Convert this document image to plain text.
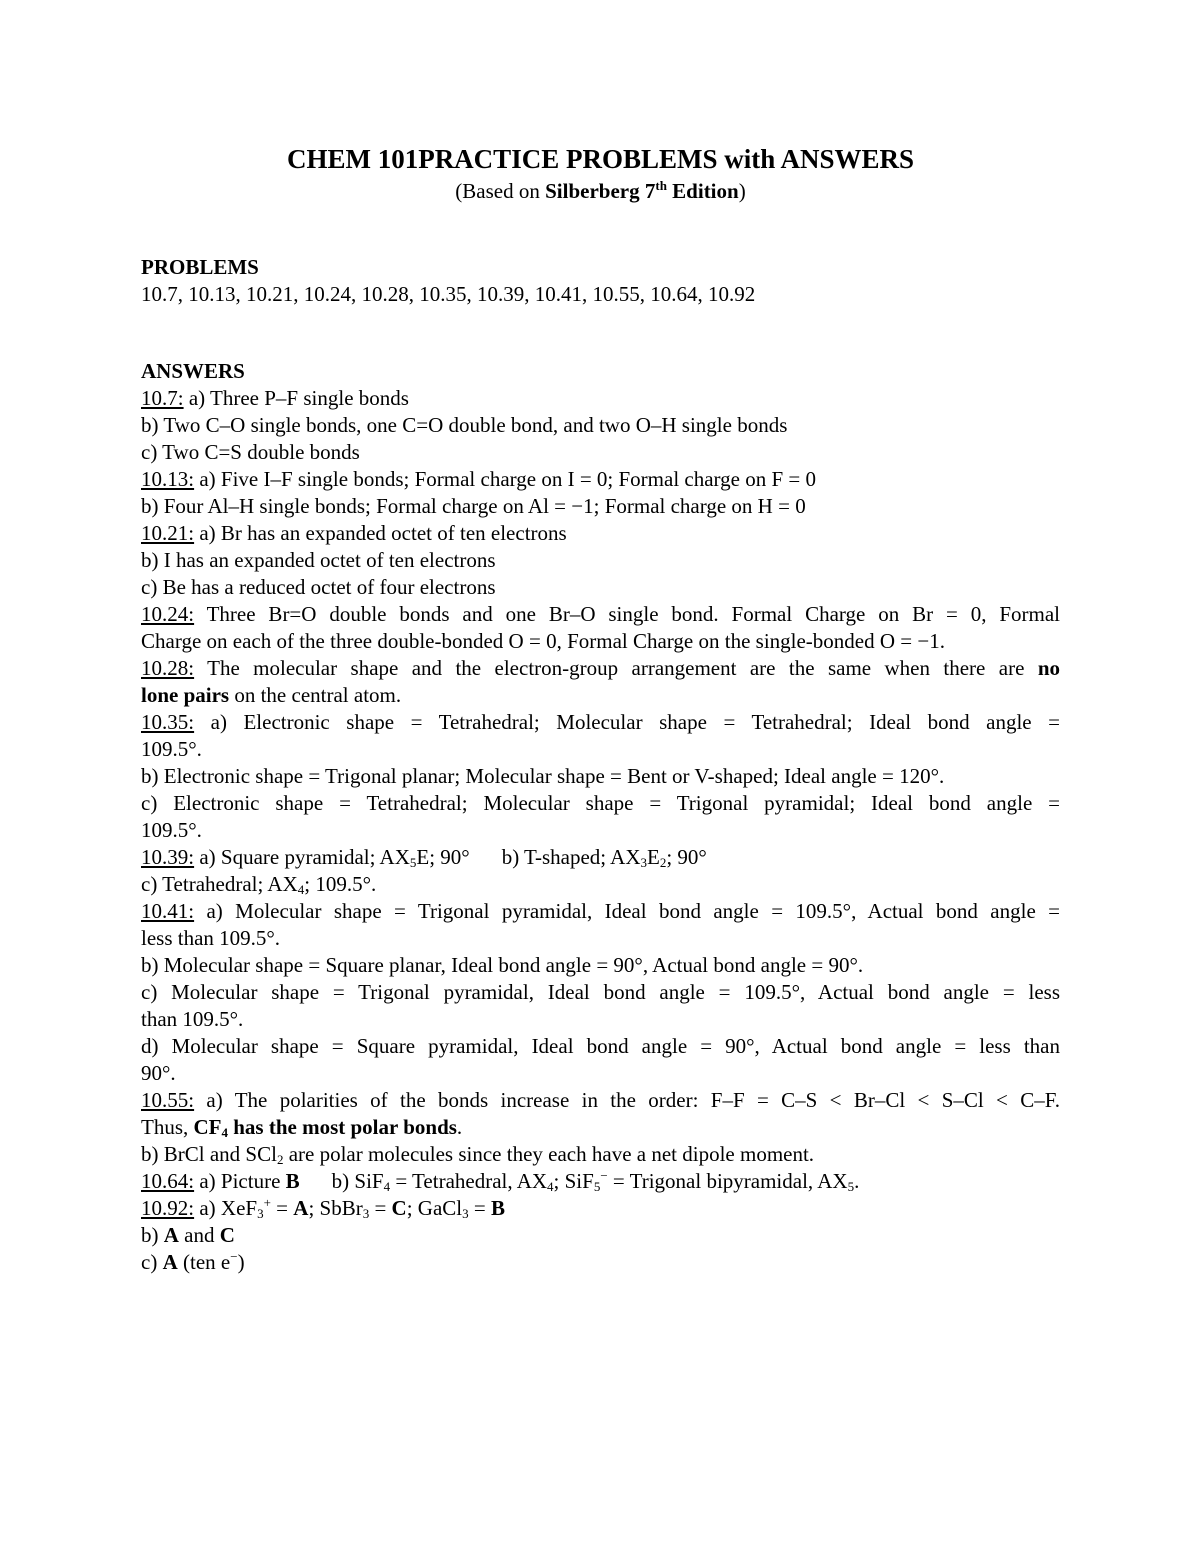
CHEM 101PRACTICE PROBLEMS with ANSWERS
(Based on Silberberg 7th Edition)
PROBLEMS
10.7, 10.13, 10.21, 10.24, 10.28, 10.35, 10.39, 10.41, 10.55, 10.64, 10.92
ANSWERS
10.7: a) Three P–F single bonds
b) Two C–O single bonds, one C=O double bond, and two O–H single bonds
c) Two C=S double bonds
10.13: a) Five I–F single bonds; Formal charge on I = 0; Formal charge on F = 0
b) Four Al–H single bonds; Formal charge on Al = −1; Formal charge on H = 0
10.21: a) Br has an expanded octet of ten electrons
b) I has an expanded octet of ten electrons
c) Be has a reduced octet of four electrons
10.24: Three Br=O double bonds and one Br–O single bond. Formal Charge on Br = 0, Formal
Charge on each of the three double-bonded O = 0, Formal Charge on the single-bonded O = −1.
10.28: The molecular shape and the electron-group arrangement are the same when there are no
lone pairs on the central atom.
10.35: a) Electronic shape = Tetrahedral; Molecular shape = Tetrahedral; Ideal bond angle =
109.5°.
b) Electronic shape = Trigonal planar; Molecular shape = Bent or V-shaped; Ideal angle = 120°.
c) Electronic shape = Tetrahedral; Molecular shape = Trigonal pyramidal; Ideal bond angle =
109.5°.
10.39: a) Square pyramidal; $AX_5E$; 90° b) T-shaped; $AX_3E_2$; 90°
c) Tetrahedral; $AX_4$; 109.5°.
10.41: a) Molecular shape = Trigonal pyramidal, Ideal bond angle = 109.5°, Actual bond angle =
less than 109.5°.
b) Molecular shape = Square planar, Ideal bond angle = 90°, Actual bond angle = 90°.
c) Molecular shape = Trigonal pyramidal, Ideal bond angle = 109.5°, Actual bond angle = less
than 109.5°.
d) Molecular shape = Square pyramidal, Ideal bond angle = 90°, Actual bond angle = less than
90°.
10.55: a) The polarities of the bonds increase in the order: F–F = C–S < Br–Cl < S–Cl < C–F.
Thus, $CF_4$ has the most polar bonds.
b) BrCl and SCl$_2$ are polar molecules since they each have a net dipole moment.
10.64: a) Picture B b) SiF$_4$ = Tetrahedral, $AX_4$; SiF$_5$− = Trigonal bipyramidal, $AX_5$.
10.92: a) XeF$_3$+ = A; SbBr$_3$ = C; GaCl$_3$ = B
b) A and C
c) A (ten e−)
